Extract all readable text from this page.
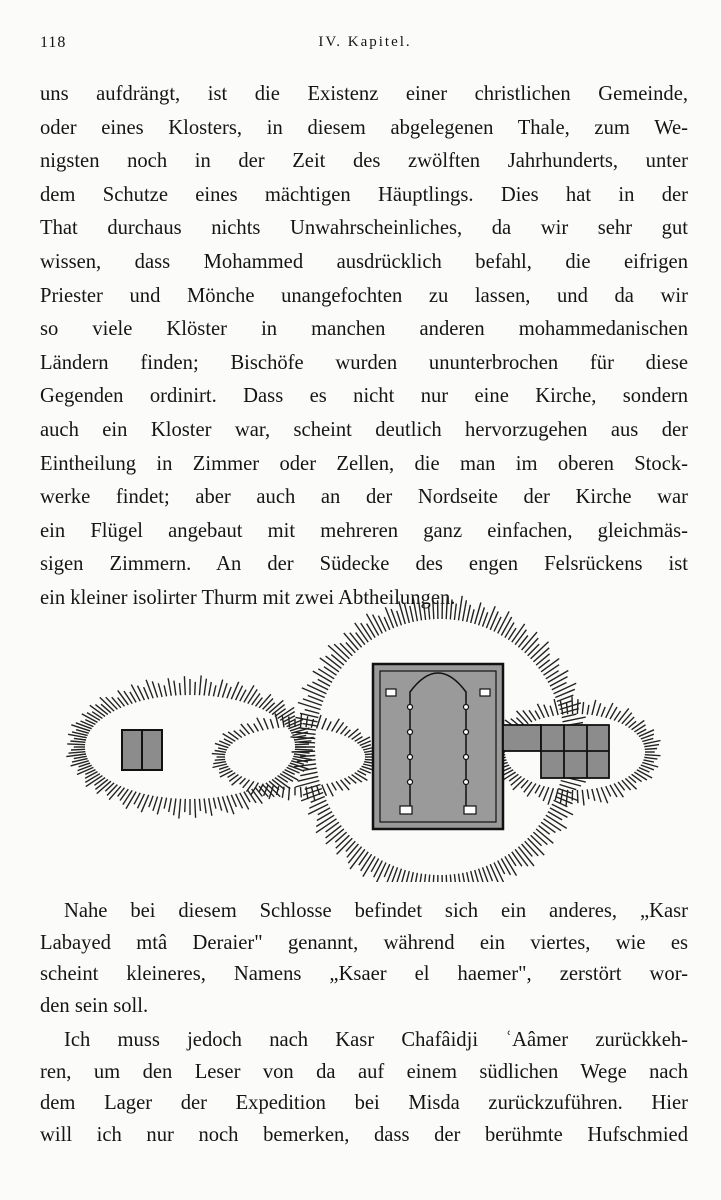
118	IV. Kapitel.
uns aufdrängt, ist die Existenz einer christlichen Gemeinde,
oder eines Klosters, in diesem abgelegenen Thale, zum We-
nigsten noch in der Zeit des zwölften Jahrhunderts, unter
dem Schutze eines mächtigen Häuptlings. Dies hat in der
That durchaus nichts Unwahrscheinliches, da wir sehr gut
wissen, dass Mohammed ausdrücklich befahl, die eifrigen
Priester und Mönche unangefochten zu lassen, und da wir
so viele Klöster in manchen anderen mohammedanischen
Ländern finden; Bischöfe wurden ununterbrochen für diese
Gegenden ordinirt. Dass es nicht nur eine Kirche, sondern
auch ein Kloster war, scheint deutlich hervorzugehen aus der
Eintheilung in Zimmer oder Zellen, die man im oberen Stock-
werke findet; aber auch an der Nordseite der Kirche war
ein Flügel angebaut mit mehreren ganz einfachen, gleichmäs-
sigen Zimmern. An der Südecke des engen Felsrückens ist
ein kleiner isolirter Thurm mit zwei Abtheilungen.
Nahe bei diesem Schlosse befindet sich ein anderes, „Kasr
Labayed mtâ Deraier" genannt, während ein viertes, wie es
scheint kleineres, Namens „Ksaer el haemer", zerstört wor-
den sein soll.
Ich muss jedoch nach Kasr Chafâidji ʿAâmer zurückkeh-
ren, um den Leser von da auf einem südlichen Wege nach
dem Lager der Expedition bei Misda zurückzuführen. Hier
will ich nur noch bemerken, dass der berühmte Hufschmied
